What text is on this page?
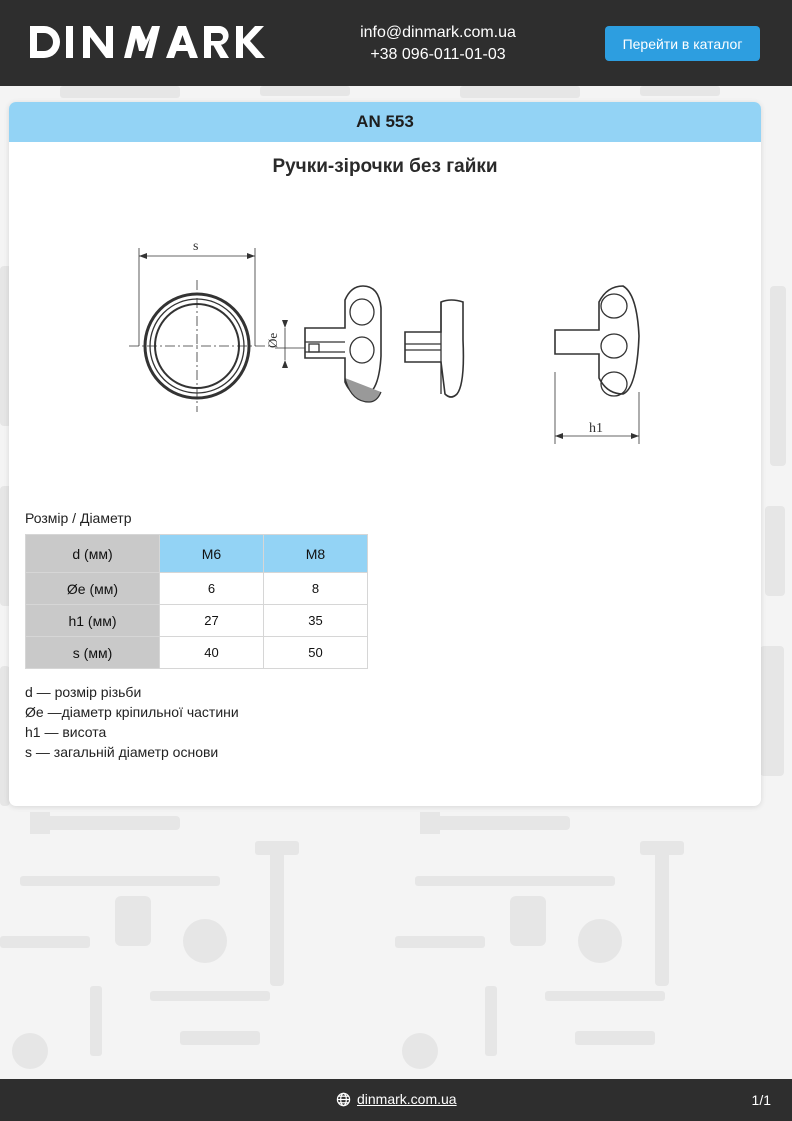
info@dinmark.com.ua
+38 096-011-01-03
Перейти в каталог
AN 553
Ручки-зірочки без гайки
s
Øe
h1
Розмір / Діаметр
d (мм)	M6	M8
Øe (мм)	6	8
h1 (мм)	27	35
s (мм)	40	50
d — розмір різьби
Øe —діаметр кріпильної частини
h1 — висота
s — загальній діаметр основи
dinmark.com.ua	1/1
